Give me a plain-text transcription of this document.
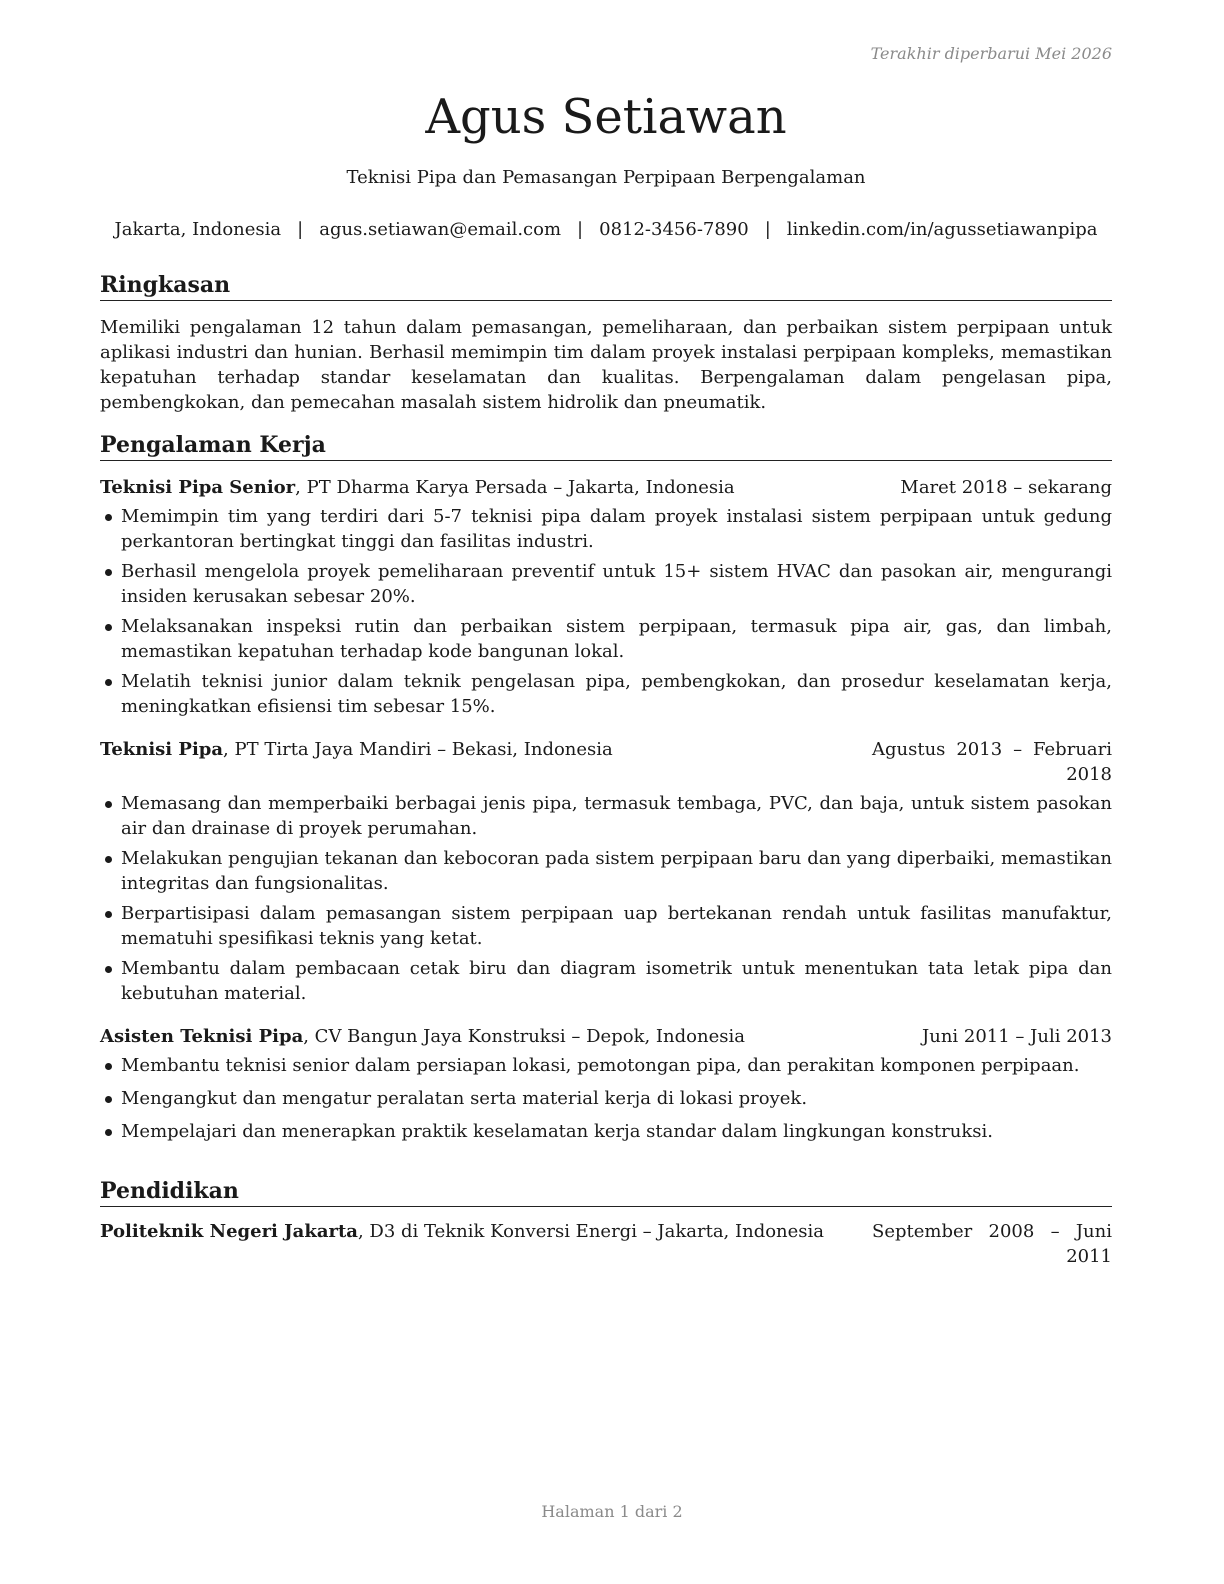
Terakhir diperbarui Mei 2026
Agus Setiawan
Teknisi Pipa dan Pemasangan Perpipaan Berpengalaman
Jakarta, Indonesia | agus.setiawan@email.com | 0812-3456-7890 | linkedin.com/in/agussetiawanpipa
Ringkasan

Memiliki pengalaman 12 tahun dalam pemasangan, pemeliharaan, dan perbaikan sistem perpipaan untuk aplikasi industri dan hunian. Berhasil memimpin tim dalam proyek instalasi perpipaan kompleks, memastikan kepatuhan terhadap standar keselamatan dan kualitas. Berpengalaman dalam pengelasan pipa, pembengkokan, dan pemecahan masalah sistem hidrolik dan pneumatik.

Pengalaman Kerja
Teknisi Pipa Senior, PT Dharma Karya Persada – Jakarta, Indonesia	Maret 2018 – sekarang
Memimpin tim yang terdiri dari 5-7 teknisi pipa dalam proyek instalasi sistem perpipaan untuk gedung perkantoran bertingkat tinggi dan fasilitas industri.
Berhasil mengelola proyek pemeliharaan preventif untuk 15+ sistem HVAC dan pasokan air, mengurangi insiden kerusakan sebesar 20%.
Melaksanakan inspeksi rutin dan perbaikan sistem perpipaan, termasuk pipa air, gas, dan limbah, memastikan kepatuhan terhadap kode bangunan lokal.
Melatih teknisi junior dalam teknik pengelasan pipa, pembengkokan, dan prosedur keselamatan kerja, meningkatkan efisiensi tim sebesar 15%.
Teknisi Pipa, PT Tirta Jaya Mandiri – Bekasi, Indonesia	Agustus 2013 – Februari 2018
Memasang dan memperbaiki berbagai jenis pipa, termasuk tembaga, PVC, dan baja, untuk sistem pasokan air dan drainase di proyek perumahan.
Melakukan pengujian tekanan dan kebocoran pada sistem perpipaan baru dan yang diperbaiki, memastikan integritas dan fungsionalitas.
Berpartisipasi dalam pemasangan sistem perpipaan uap bertekanan rendah untuk fasilitas manufaktur, mematuhi spesifikasi teknis yang ketat.
Membantu dalam pembacaan cetak biru dan diagram isometrik untuk menentukan tata letak pipa dan kebutuhan material.
Asisten Teknisi Pipa, CV Bangun Jaya Konstruksi – Depok, Indonesia	Juni 2011 – Juli 2013
Membantu teknisi senior dalam persiapan lokasi, pemotongan pipa, dan perakitan komponen perpipaan.
Mengangkut dan mengatur peralatan serta material kerja di lokasi proyek.
Mempelajari dan menerapkan praktik keselamatan kerja standar dalam lingkungan konstruksi.
Pendidikan
Politeknik Negeri Jakarta, D3 di Teknik Konversi Energi – Jakarta, Indonesia	September 2008 – Juni 2011
Halaman 1 dari 2
